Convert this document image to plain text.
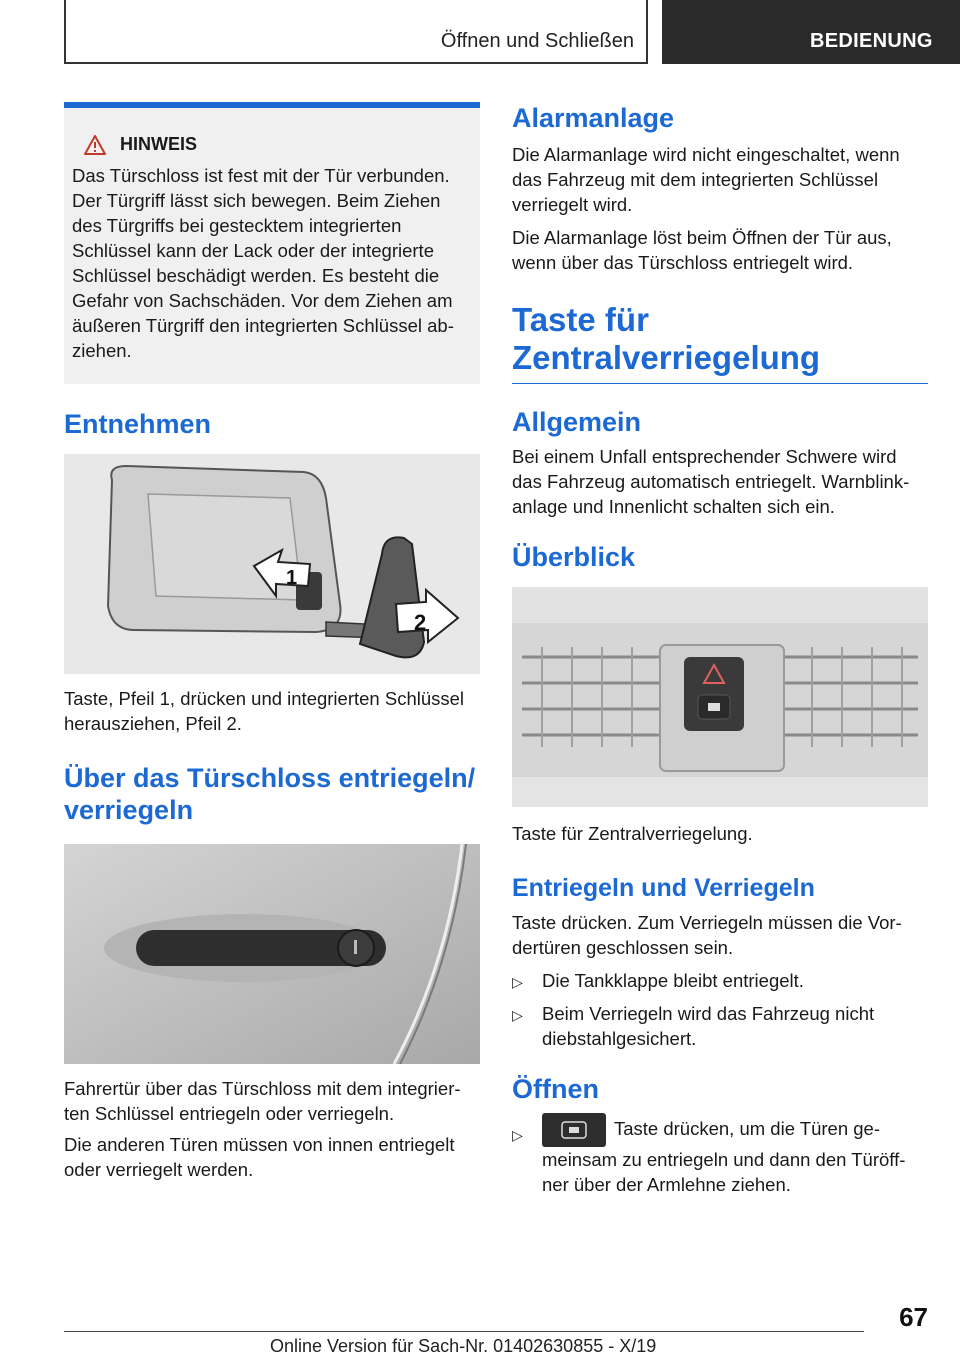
Öffnen und Schließen	BEDIENUNG
HINWEIS

Das Türschloss ist fest mit der Tür verbunden. Der Türgriff lässt sich bewegen. Beim Ziehen des Türgriffs bei gestecktem integrierten Schlüssel kann der Lack oder der integrierte Schlüssel beschädigt werden. Es besteht die Gefahr von Sachschäden. Vor dem Ziehen am äußeren Türgriff den integrierten Schlüssel ab-ziehen.

Entnehmen
1
2

Taste, Pfeil 1, drücken und integrierten Schlüssel herausziehen, Pfeil 2.

Über das Türschloss entriegeln/ verriegeln

Fahrertür über das Türschloss mit dem integrier-ten Schlüssel entriegeln oder verriegeln.

Die anderen Türen müssen von innen entriegelt oder verriegelt werden.

Alarmanlage

Die Alarmanlage wird nicht eingeschaltet, wenn das Fahrzeug mit dem integrierten Schlüssel verriegelt wird.

Die Alarmanlage löst beim Öffnen der Tür aus, wenn über das Türschloss entriegelt wird.

Taste für Zentralverriegelung
Allgemein

Bei einem Unfall entsprechender Schwere wird das Fahrzeug automatisch entriegelt. Warnblink-anlage und Innenlicht schalten sich ein.

Überblick

Taste für Zentralverriegelung.

Entriegeln und Verriegeln

Taste drücken. Zum Verriegeln müssen die Vor-dertüren geschlossen sein.

▷	Die Tankklappe bleibt entriegelt.
▷	Beim Verriegeln wird das Fahrzeug nicht diebstahlgesichert.
Öffnen
▷	Taste drücken, um die Türen ge-meinsam zu entriegeln und dann den Türöff-ner über der Armlehne ziehen.
67
Online Version für Sach-Nr. 01402630855 - X/19
